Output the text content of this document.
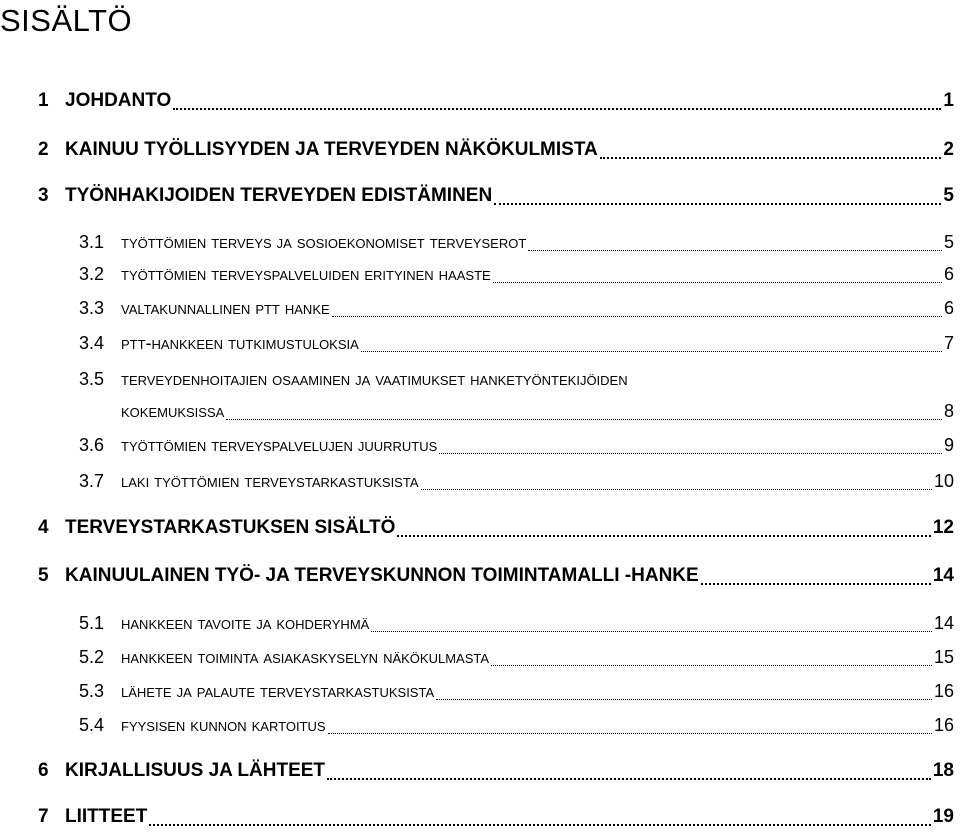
SISÄLTÖ
1 JOHDANTO	1
2 KAINUU TYÖLLISYYDEN JA TERVEYDEN NÄKÖKULMISTA	2
3 TYÖNHAKIJOIDEN TERVEYDEN EDISTÄMINEN	5
3.1 työttömien terveys ja sosioekonomiset terveyserot	5
3.2 työttömien terveyspalveluiden erityinen haaste	6
3.3 valtakunnallinen ptt hanke	6
3.4 ptt-hankkeen tutkimustuloksia	7
3.5 terveydenhoitajien osaaminen ja vaatimukset hanketyöntekijöiden
kokemuksissa	8
3.6 työttömien terveyspalvelujen juurrutus	9
3.7 laki työttömien terveystarkastuksista	10
4 TERVEYSTARKASTUKSEN SISÄLTÖ	12
5 KAINUULAINEN TYÖ- JA TERVEYSKUNNON TOIMINTAMALLI -HANKE	14
5.1 hankkeen tavoite ja kohderyhmä	14
5.2 hankkeen toiminta asiakaskyselyn näkökulmasta	15
5.3 lähete ja palaute terveystarkastuksista	16
5.4 fyysisen kunnon kartoitus	16
6 KIRJALLISUUS JA LÄHTEET	18
7 LIITTEET	19
